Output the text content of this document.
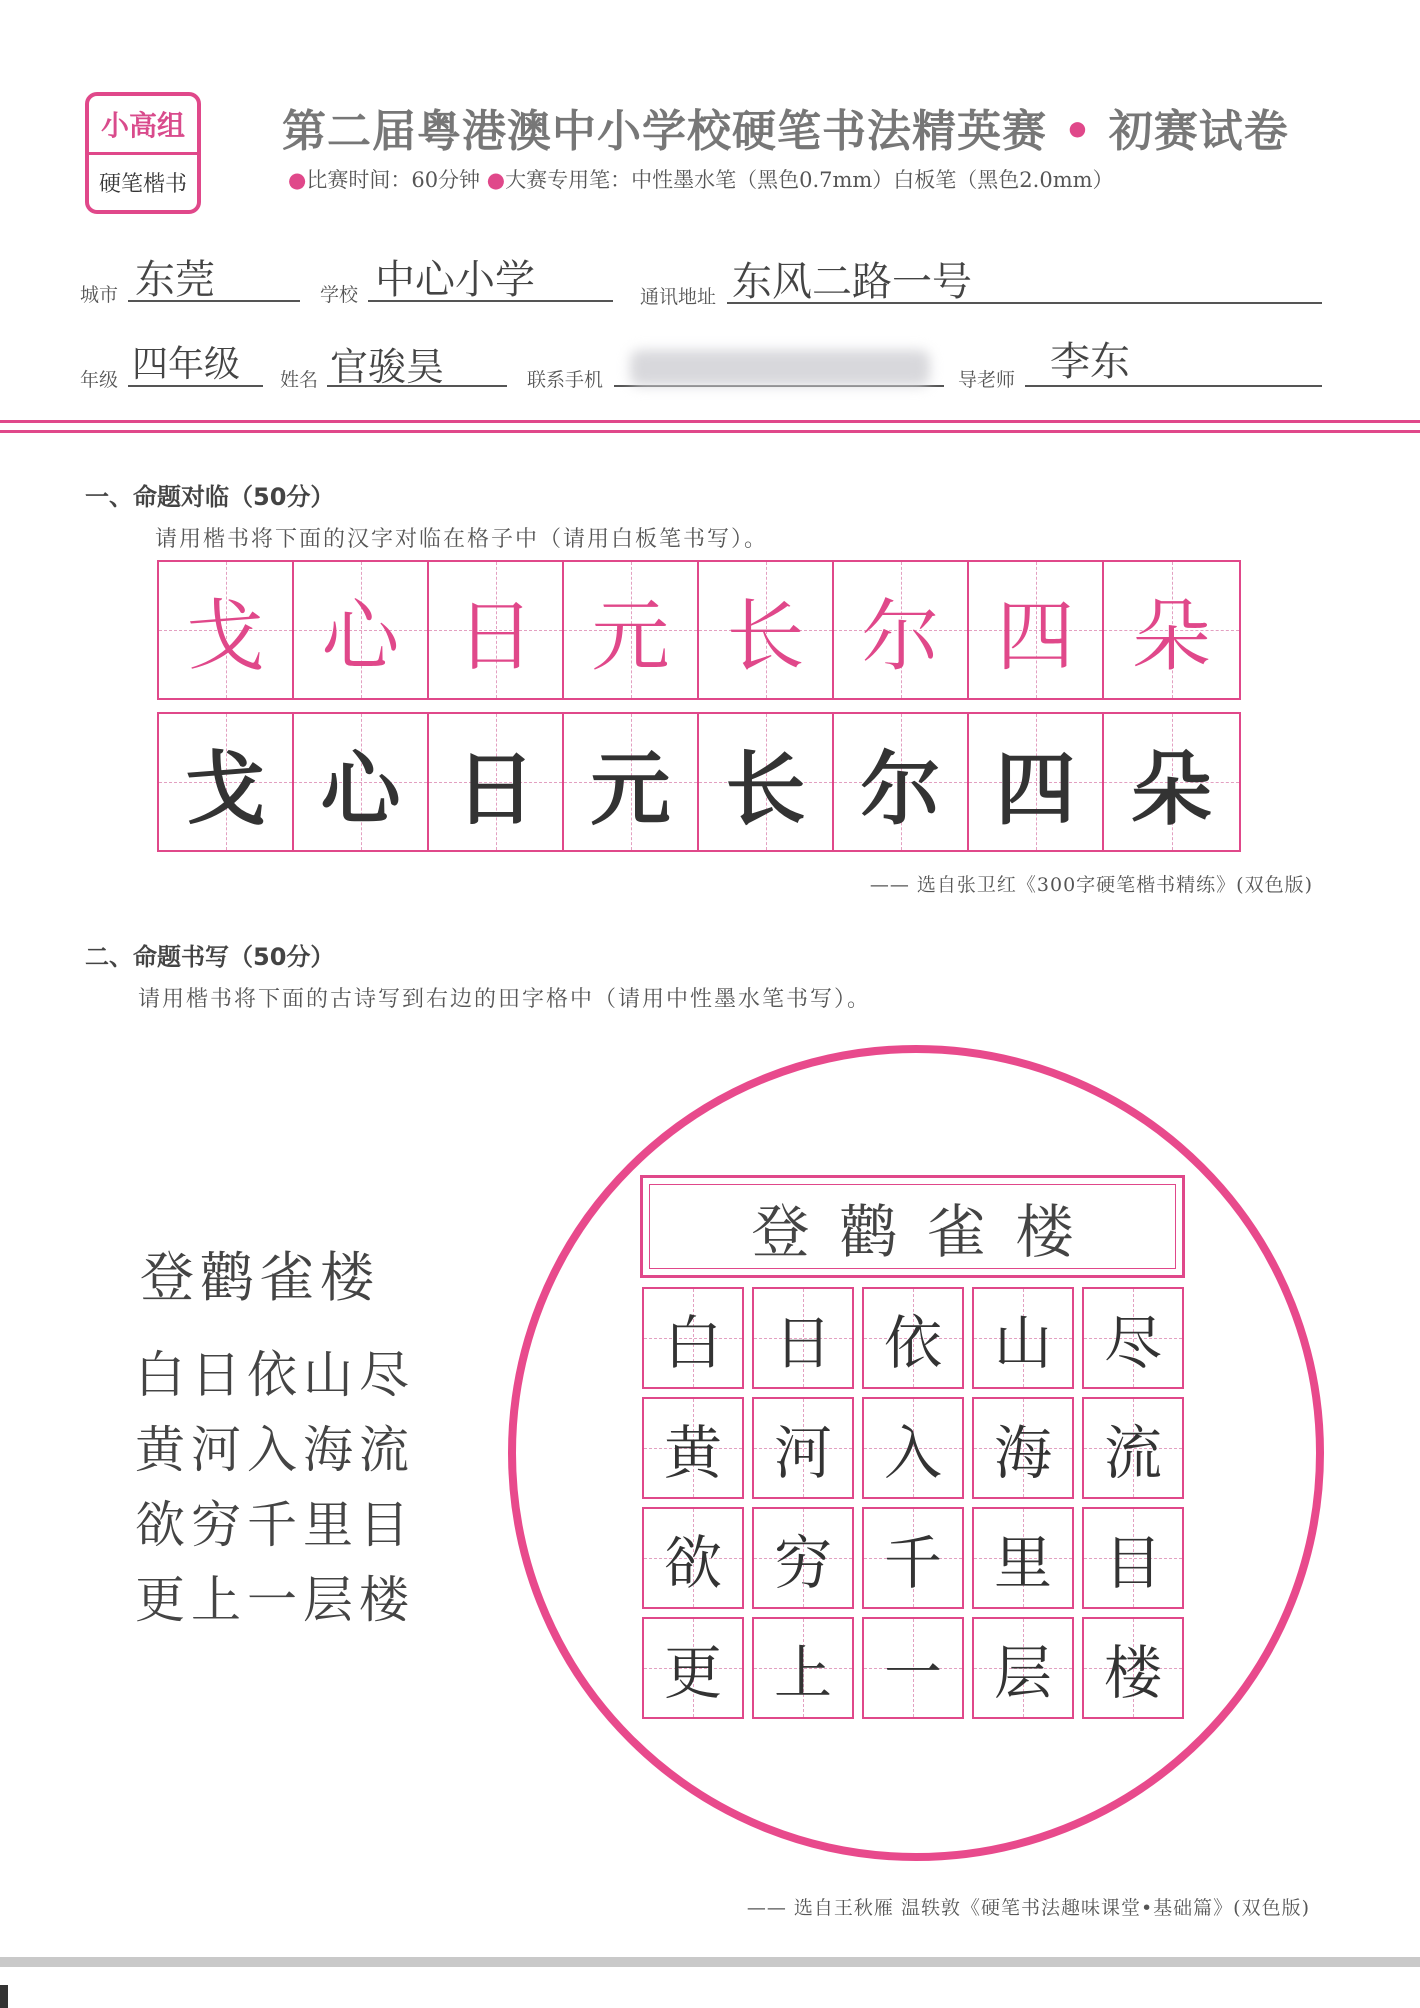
小高组
硬笔楷书
第二届粤港澳中小学校硬笔书法精英赛 • 初赛试卷
●比赛时间：60分钟 ●大赛专用笔：中性墨水笔（黑色0.7mm）白板笔（黑色2.0mm）
城市 东莞	学校 中心小学	通讯地址 东风二路一号
年级 四年级 姓名 官骏昊	联系手机	导老师 李东
一、命题对临（50分）
请用楷书将下面的汉字对临在格子中（请用白板笔书写）。
戈 心 日 元 长 尔 四 朵
戈 心 日 元 长 尔 四 朵
—— 选自张卫红《300字硬笔楷书精练》(双色版)
二、命题书写（50分）
请用楷书将下面的古诗写到右边的田字格中（请用中性墨水笔书写）。
登鹳雀楼
白日依山尽
黄河入海流
欲穷千里目
更上一层楼
登鹳雀楼
白 日 依 山 尽
黄 河 入 海 流
欲 穷 千 里 目
更 上 一 层 楼
—— 选自王秋雁 温轶敦《硬笔书法趣味课堂•基础篇》(双色版)
